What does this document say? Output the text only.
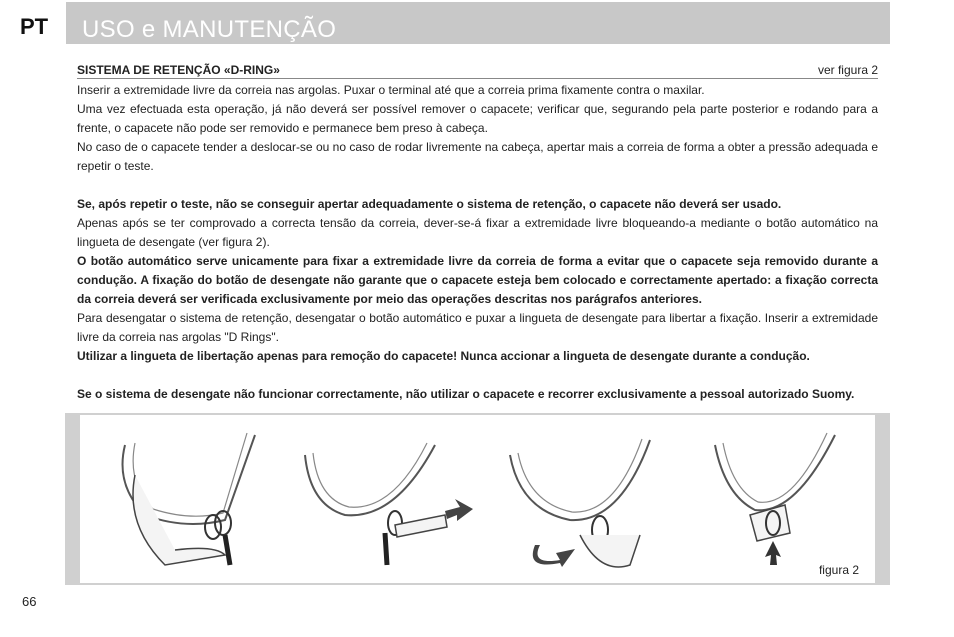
PT USO e MANUTENÇÃO
SISTEMA DE RETENÇÃO «D-RING»	ver figura 2

Inserir a extremidade livre da correia nas argolas. Puxar o terminal até que a correia prima fixamente contra o maxilar.

Uma vez efectuada esta operação, já não deverá ser possível remover o capacete; verificar que, segurando pela parte posterior e rodando para a frente, o capacete não pode ser removido e permanece bem preso à cabeça.

No caso de o capacete tender a deslocar-se ou no caso de rodar livremente na cabeça, apertar mais a correia de forma a obter a pressão adequada e repetir o teste.

Se, após repetir o teste, não se conseguir apertar adequadamente o sistema de retenção, o capacete não deverá ser usado.

Apenas após se ter comprovado a correcta tensão da correia, dever-se-á fixar a extremidade livre bloqueando-a mediante o botão automático na lingueta de desengate (ver figura 2).

O botão automático serve unicamente para fixar a extremidade livre da correia de forma a evitar que o capacete seja removido durante a condução. A fixação do botão de desengate não garante que o capacete esteja bem colocado e correctamente apertado: a fixação correcta da correia deverá ser verificada exclusivamente por meio das operações descritas nos parágrafos anteriores.

Para desengatar o sistema de retenção, desengatar o botão automático e puxar a lingueta de desengate para libertar a fixação. Inserir a extremidade livre da correia nas argolas "D Rings".

Utilizar a lingueta de libertação apenas para remoção do capacete! Nunca accionar a lingueta de desengate durante a condução.

Se o sistema de desengate não funcionar correctamente, não utilizar o capacete e recorrer exclusivamente a pessoal autorizado Suomy.

figura 2
66
